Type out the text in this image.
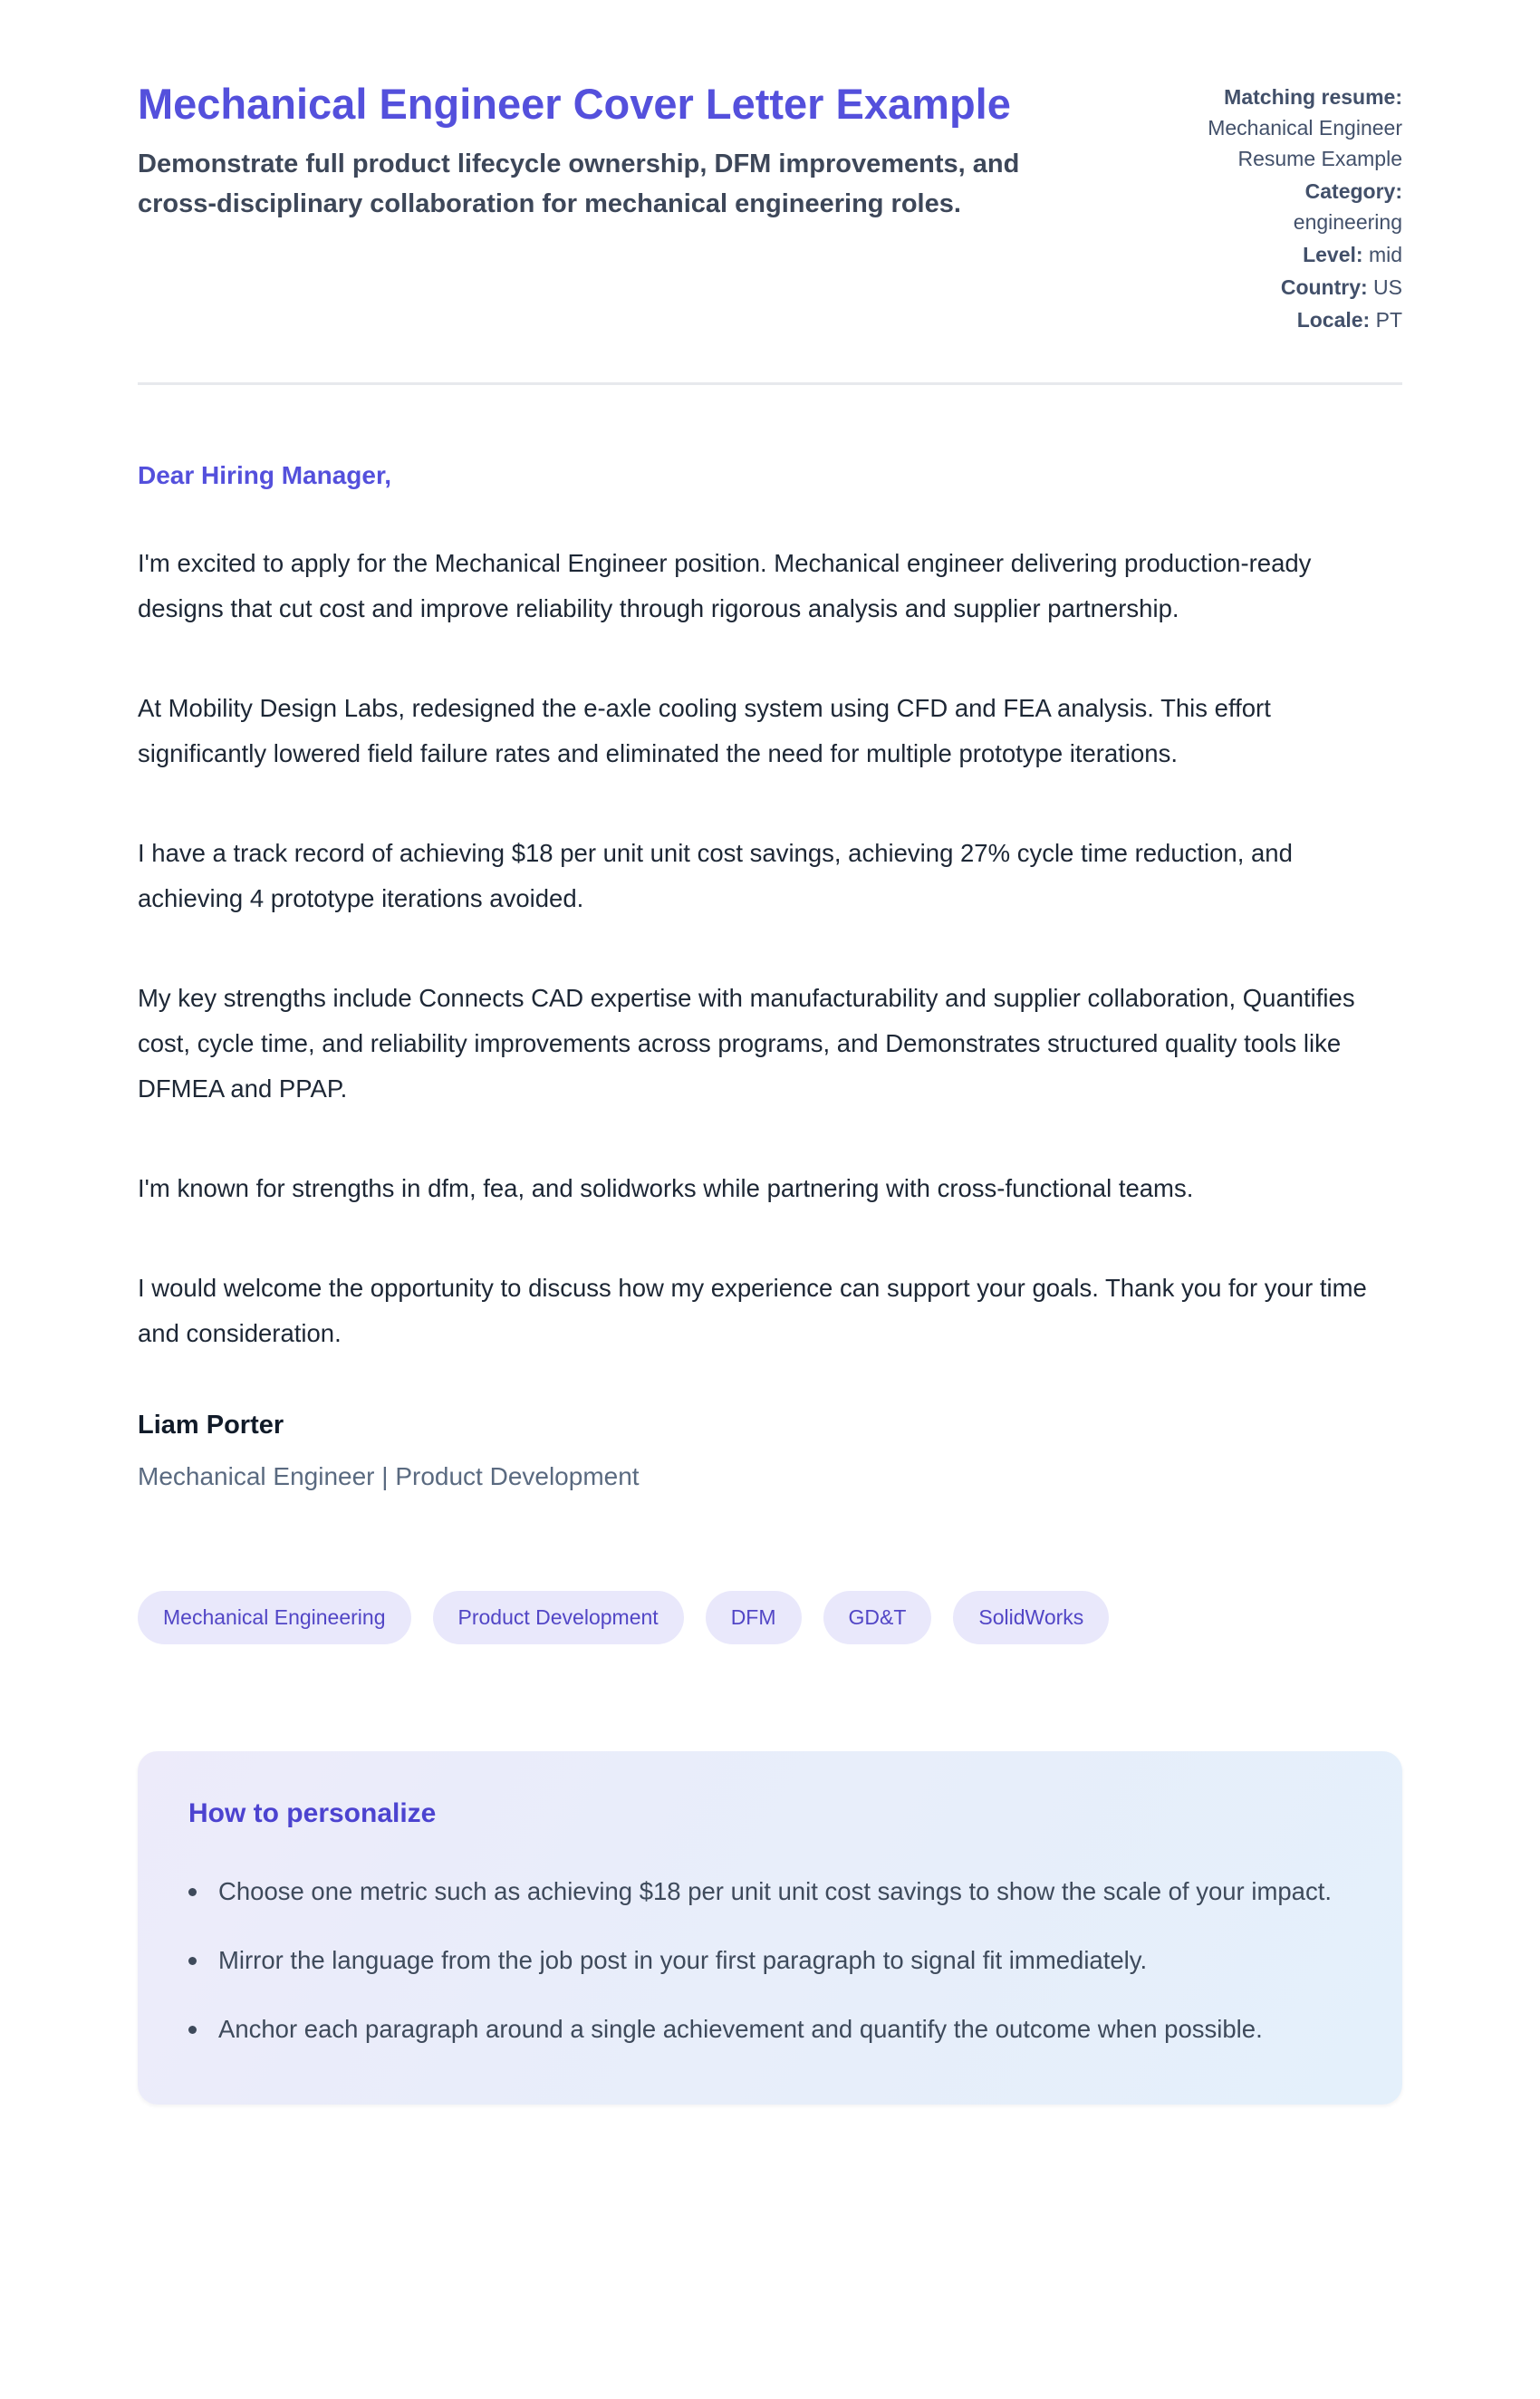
Mechanical Engineer Cover Letter Example
Demonstrate full product lifecycle ownership, DFM improvements, and cross-disciplinary collaboration for mechanical engineering roles.
Matching resume:
Mechanical Engineer Resume Example
Category:
engineering
Level: mid
Country: US
Locale: PT
Dear Hiring Manager,

I'm excited to apply for the Mechanical Engineer position. Mechanical engineer delivering production-ready designs that cut cost and improve reliability through rigorous analysis and supplier partnership.

At Mobility Design Labs, redesigned the e-axle cooling system using CFD and FEA analysis. This effort significantly lowered field failure rates and eliminated the need for multiple prototype iterations.

I have a track record of achieving $18 per unit unit cost savings, achieving 27% cycle time reduction, and achieving 4 prototype iterations avoided.

My key strengths include Connects CAD expertise with manufacturability and supplier collaboration, Quantifies cost, cycle time, and reliability improvements across programs, and Demonstrates structured quality tools like DFMEA and PPAP.

I'm known for strengths in dfm, fea, and solidworks while partnering with cross-functional teams.

I would welcome the opportunity to discuss how my experience can support your goals. Thank you for your time and consideration.

Liam Porter
Mechanical Engineer | Product Development
Mechanical Engineering	Product Development	DFM	GD&T	SolidWorks
How to personalize
Choose one metric such as achieving $18 per unit unit cost savings to show the scale of your impact.
Mirror the language from the job post in your first paragraph to signal fit immediately.
Anchor each paragraph around a single achievement and quantify the outcome when possible.
